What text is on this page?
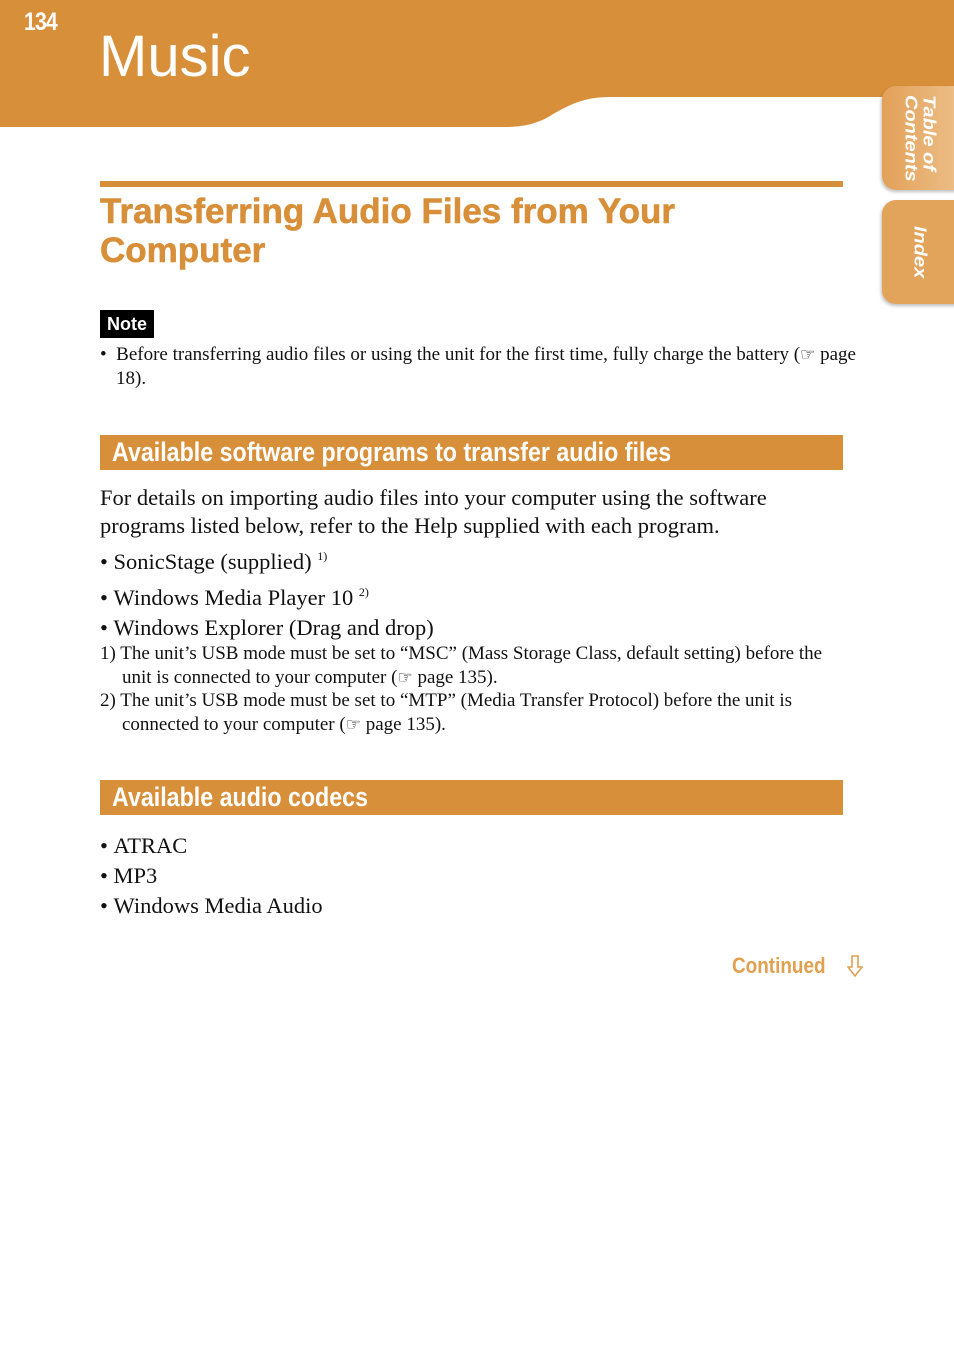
134
Music
Table of
Contents
Index
Transferring Audio Files from Your Computer
Note

•  Before transferring audio files or using the unit for the first time, fully charge the battery (☞ page 18).

Available software programs to transfer audio files

For details on importing audio files into your computer using the software programs listed below, refer to the Help supplied with each program.

• SonicStage (supplied) $^{1)}$
• Windows Media Player 10 $^{2)}$
• Windows Explorer (Drag and drop)

1) The unit’s USB mode must be set to “MSC” (Mass Storage Class, default setting) before the unit is connected to your computer (☞ page 135).

2) The unit’s USB mode must be set to “MTP” (Media Transfer Protocol) before the unit is connected to your computer (☞ page 135).

Available audio codecs
• ATRAC
• MP3
• Windows Media Audio
Continued
